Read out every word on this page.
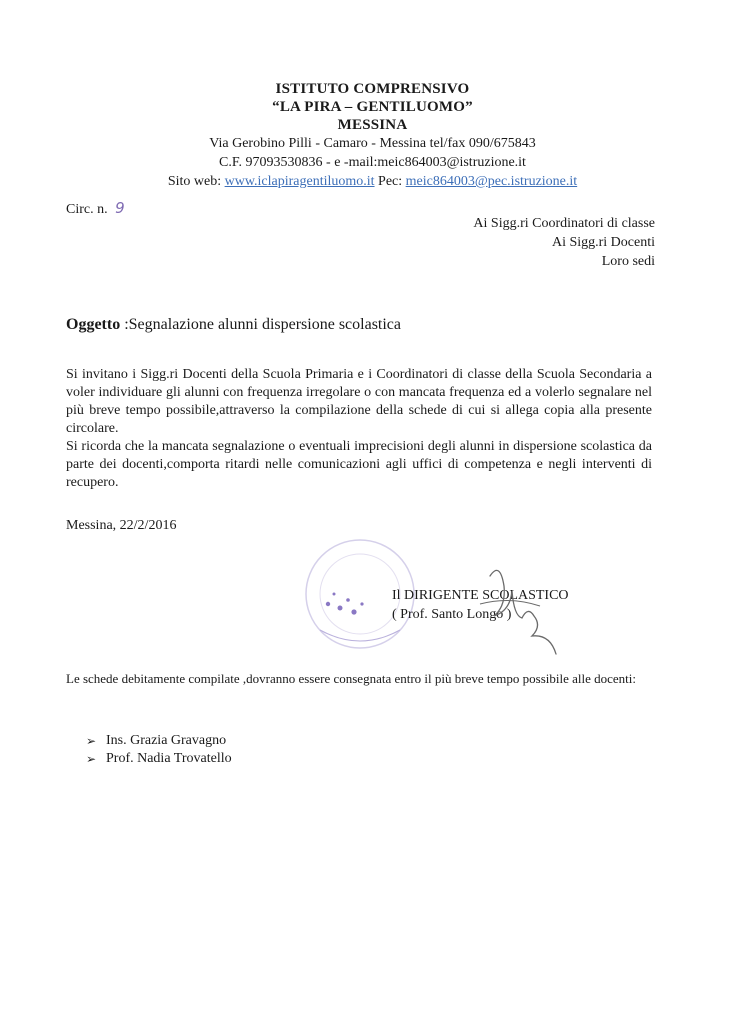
ISTITUTO COMPRENSIVO
“LA PIRA – GENTILUOMO”
MESSINA
Via Gerobino Pilli - Camaro - Messina tel/fax 090/675843
C.F. 97093530836 - e -mail:meic864003@istruzione.it
Sito web: www.iclapiragentiluomo.it Pec: meic864003@pec.istruzione.it
Circ. n. 9
Ai Sigg.ri Coordinatori di classe
Ai Sigg.ri Docenti
Loro sedi
Oggetto :Segnalazione alunni dispersione scolastica

Si invitano i Sigg.ri Docenti della Scuola Primaria e i Coordinatori di classe della Scuola Secondaria a voler individuare gli alunni con frequenza irregolare o con mancata frequenza ed a volerlo segnalare nel più breve tempo possibile,attraverso la compilazione della schede di cui si allega copia alla presente circolare.

Si ricorda che la mancata segnalazione o eventuali imprecisioni degli alunni in dispersione scolastica da parte dei docenti,comporta ritardi nelle comunicazioni agli uffici di competenza e negli interventi di recupero.

Messina, 22/2/2016
Il DIRIGENTE SCOLASTICO
( Prof. Santo Longo )
Le schede debitamente compilate ,dovranno essere consegnata entro il più breve tempo possibile alle docenti:
➢ Ins. Grazia Gravagno
➢ Prof. Nadia Trovatello
